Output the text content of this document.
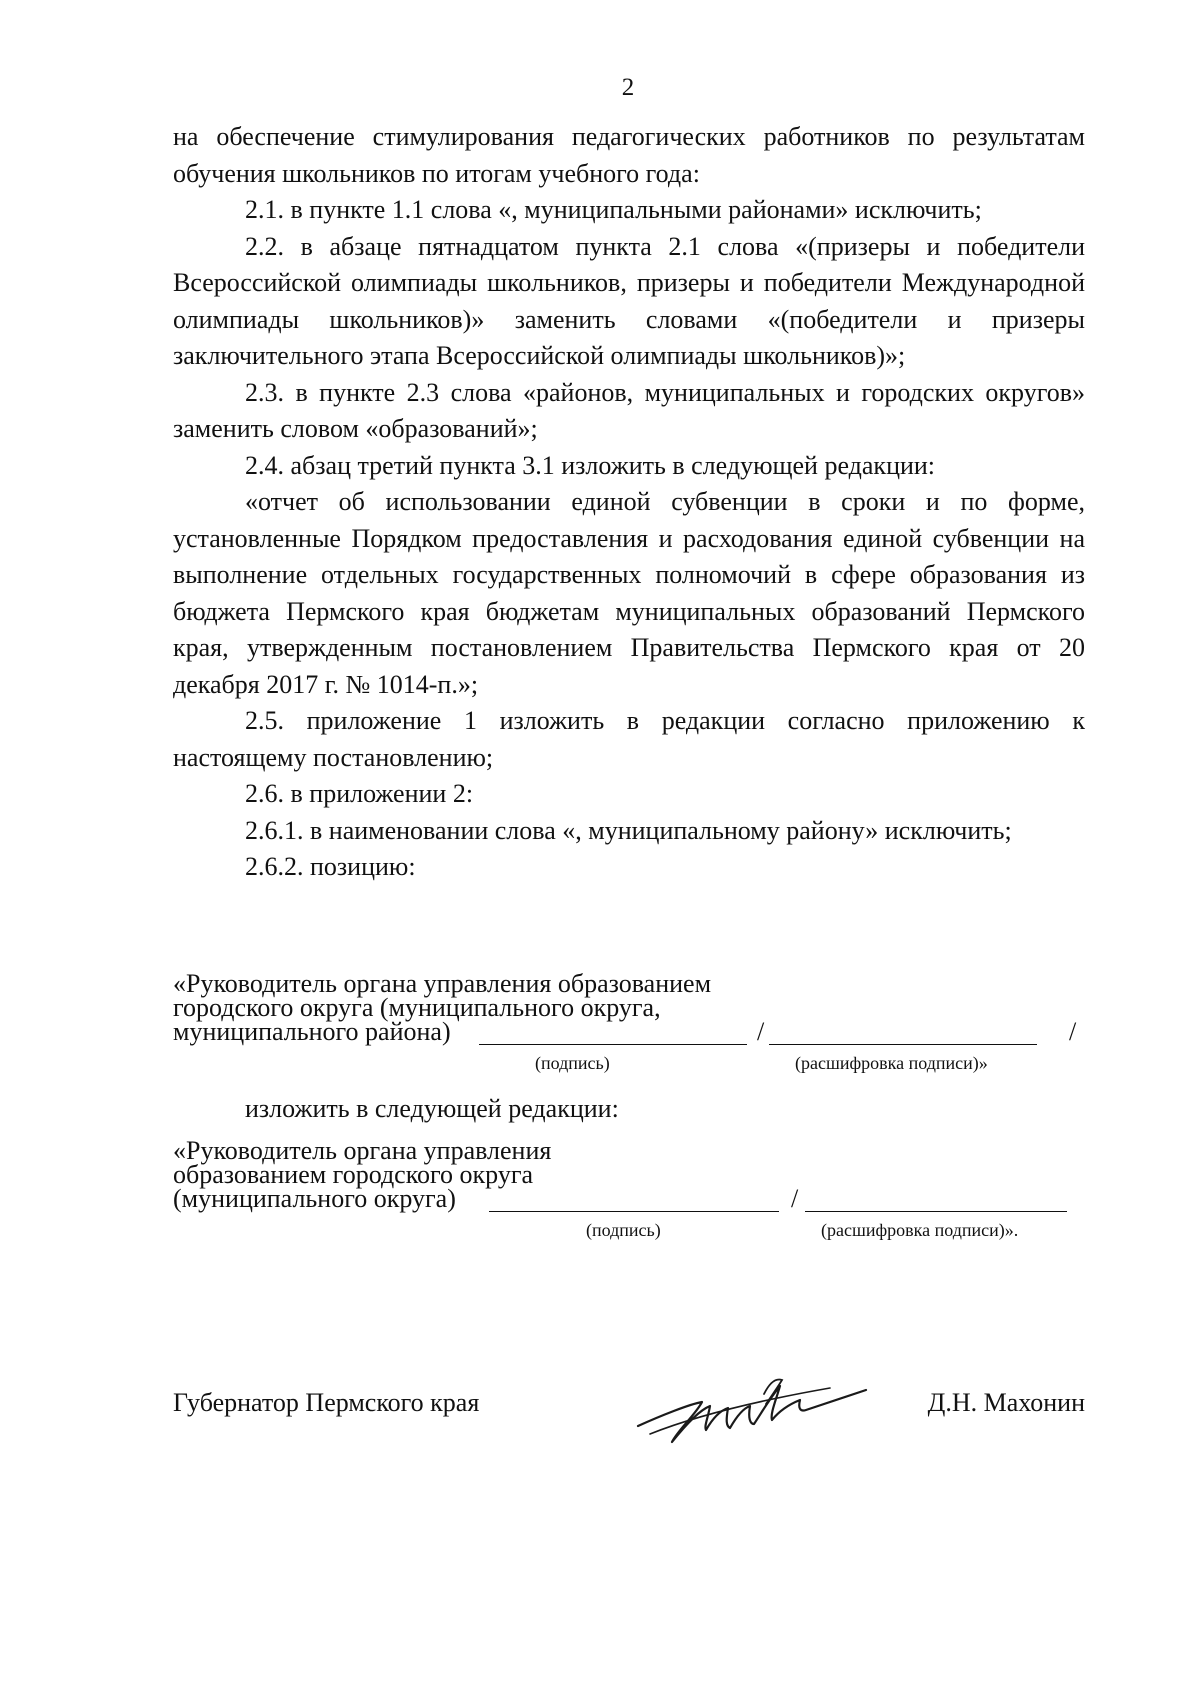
2

на обеспечение стимулирования педагогических работников по результатам обучения школьников по итогам учебного года:

2.1. в пункте 1.1 слова «, муниципальными районами» исключить;

2.2. в абзаце пятнадцатом пункта 2.1 слова «(призеры и победители Всероссийской олимпиады школьников, призеры и победители Международной олимпиады школьников)» заменить словами «(победители и призеры заключительного этапа Всероссийской олимпиады школьников)»;

2.3. в пункте 2.3 слова «районов, муниципальных и городских округов» заменить словом «образований»;

2.4. абзац третий пункта 3.1 изложить в следующей редакции:

«отчет об использовании единой субвенции в сроки и по форме, установленные Порядком предоставления и расходования единой субвенции на выполнение отдельных государственных полномочий в сфере образования из бюджета Пермского края бюджетам муниципальных образований Пермского края, утвержденным постановлением Правительства Пермского края от 20 декабря 2017 г. № 1014-п.»;

2.5. приложение 1 изложить в редакции согласно приложению к настоящему постановлению;

2.6. в приложении 2:

2.6.1. в наименовании слова «, муниципальному району» исключить;

2.6.2. позицию:

«Руководитель органа управления образованием
городского округа (муниципального округа,
муниципального района)	/	/
(подпись)	(расшифровка подписи)»
изложить в следующей редакции:
«Руководитель органа управления
образованием городского округа
(муниципального округа)	/
(подпись)	(расшифровка подписи)».
Губернатор Пермского края	Д.Н. Махонин
